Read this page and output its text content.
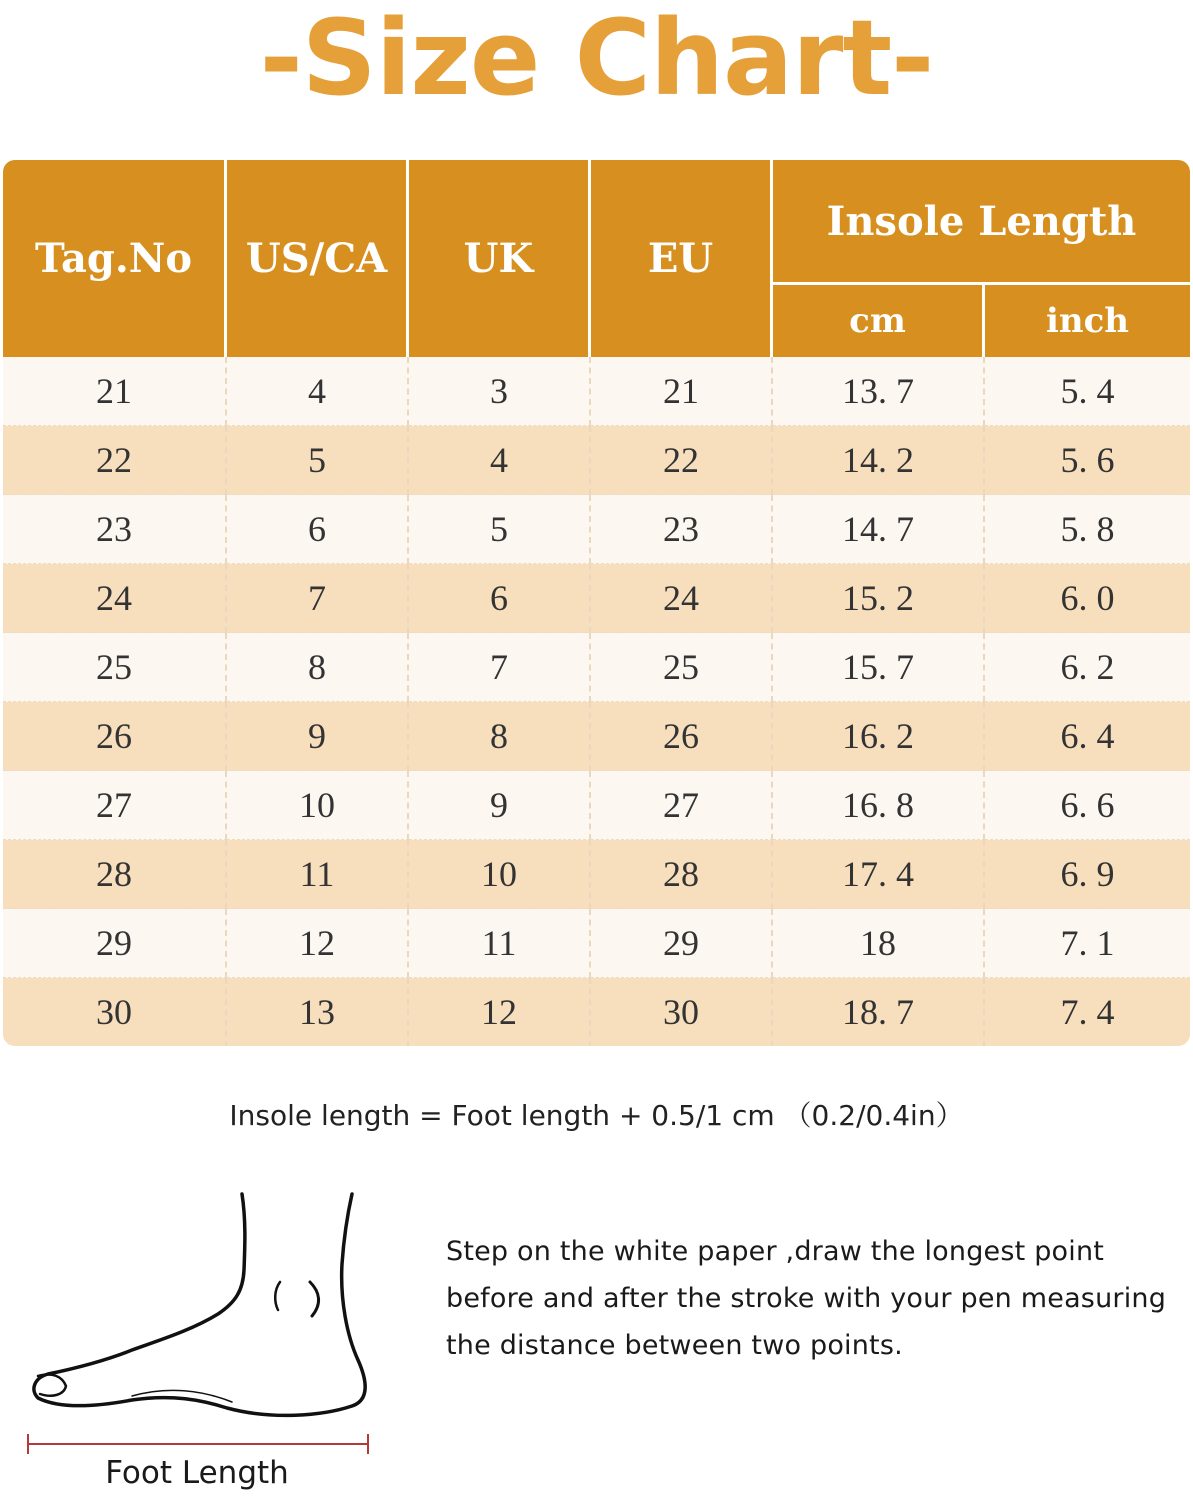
-Size Chart-
Tag.No	US/CA	UK	EU	Insole Length	
				cm	inch
21	4	3	21	13. 7	5. 4
22	5	4	22	14. 2	5. 6
23	6	5	23	14. 7	5. 8
24	7	6	24	15. 2	6. 0
25	8	7	25	15. 7	6. 2
26	9	8	26	16. 2	6. 4
27	10	9	27	16. 8	6. 6
28	11	10	28	17. 4	6. 9
29	12	11	29	18	7. 1
30	13	12	30	18. 7	7. 4
Insole length = Foot length + 0.5/1 cm （0.2/0.4in）
Foot Length
Step on the white paper ,draw the longest point before and after the stroke with your pen measuring the distance between two points.
